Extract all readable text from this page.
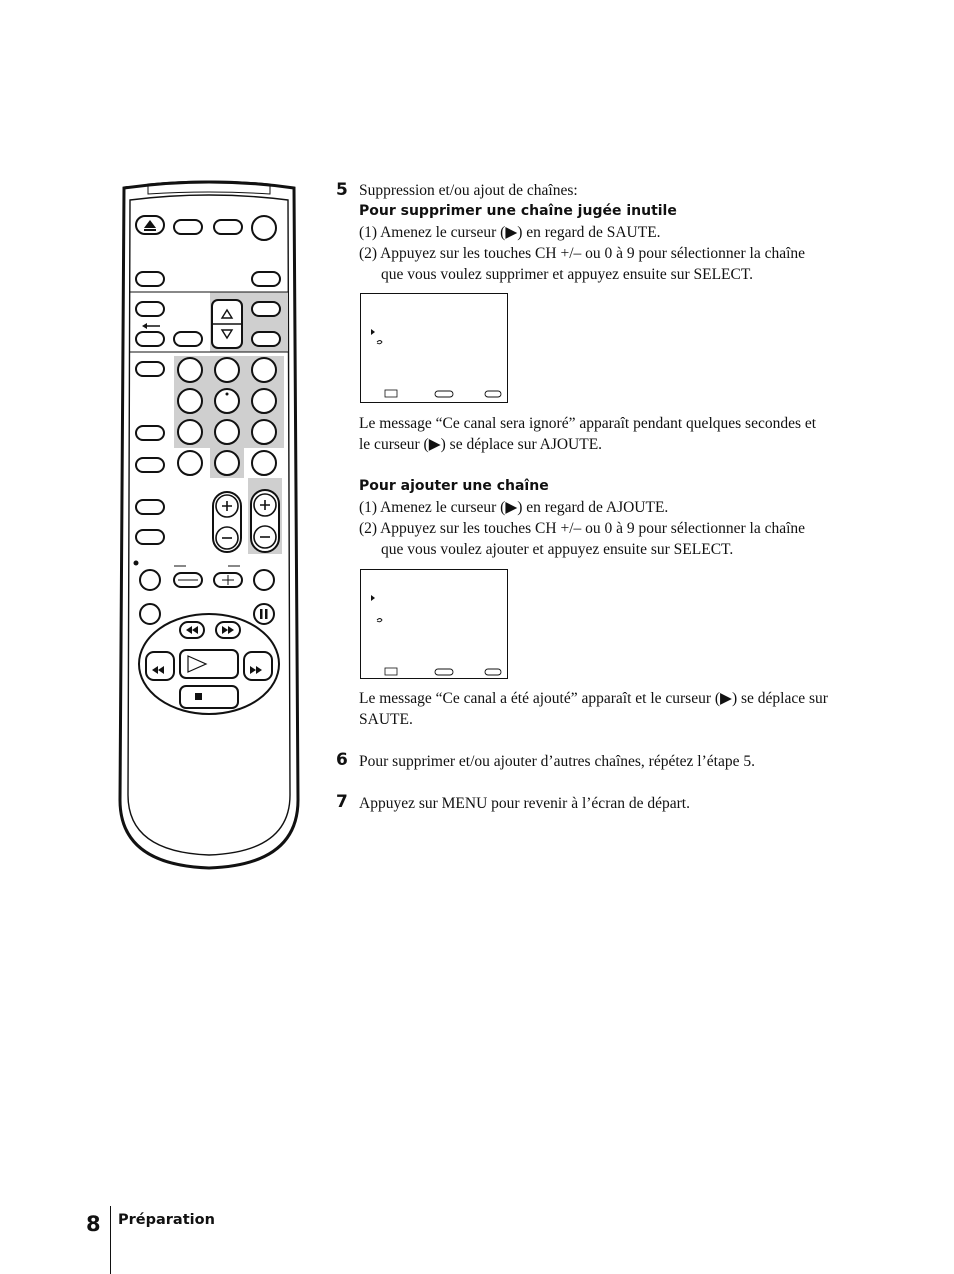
5 Suppression et/ou ajout de chaînes:
Pour supprimer une chaîne jugée inutile
(1) Amenez le curseur (▶) en regard de SAUTE.
(2) Appuyez sur les touches CH +/– ou 0 à 9 pour sélectionner la chaîne
que vous voulez supprimer et appuyez ensuite sur SELECT.
Le message “Ce canal sera ignoré” apparaît pendant quelques secondes et
le curseur (▶) se déplace sur AJOUTE.
Pour ajouter une chaîne
(1) Amenez le curseur (▶) en regard de AJOUTE.
(2) Appuyez sur les touches CH +/– ou 0 à 9 pour sélectionner la chaîne
que vous voulez ajouter et appuyez ensuite sur SELECT.
Le message “Ce canal a été ajouté” apparaît et le curseur (▶) se déplace sur
SAUTE.
6 Pour supprimer et/ou ajouter d’autres chaînes, répétez l’étape 5.
7 Appuyez sur MENU pour revenir à l’écran de départ.
8 Préparation
